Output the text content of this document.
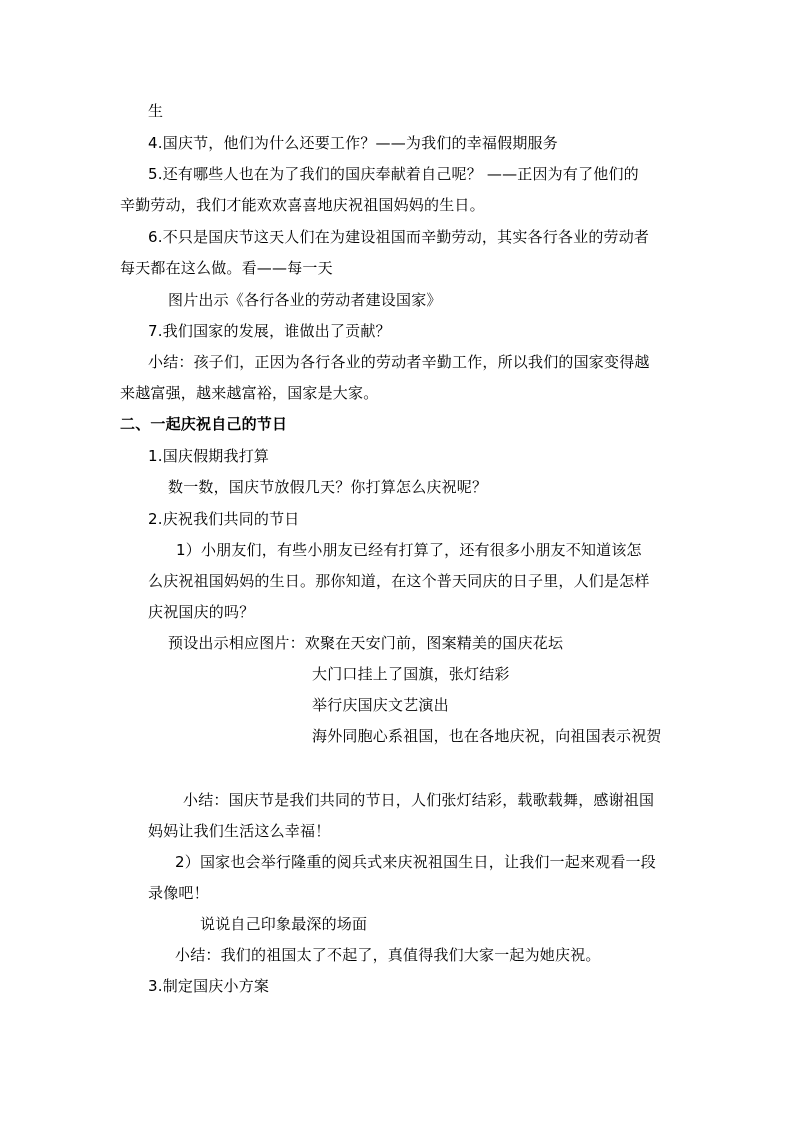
生
4.国庆节，他们为什么还要工作？——为我们的幸福假期服务
5.还有哪些人也在为了我们的国庆奉献着自己呢？ ——正因为有了他们的
辛勤劳动，我们才能欢欢喜喜地庆祝祖国妈妈的生日。
6.不只是国庆节这天人们在为建设祖国而辛勤劳动，其实各行各业的劳动者
每天都在这么做。看——每一天
图片出示《各行各业的劳动者建设国家》
7.我们国家的发展，谁做出了贡献？
小结：孩子们，正因为各行各业的劳动者辛勤工作，所以我们的国家变得越
来越富强，越来越富裕，国家是大家。
二、一起庆祝自己的节日
1.国庆假期我打算
数一数，国庆节放假几天？你打算怎么庆祝呢？
2.庆祝我们共同的节日
1）小朋友们，有些小朋友已经有打算了，还有很多小朋友不知道该怎
么庆祝祖国妈妈的生日。那你知道，在这个普天同庆的日子里，人们是怎样
庆祝国庆的吗？
预设出示相应图片：欢聚在天安门前，图案精美的国庆花坛
大门口挂上了国旗，张灯结彩
举行庆国庆文艺演出
海外同胞心系祖国，也在各地庆祝，向祖国表示祝贺
小结：国庆节是我们共同的节日，人们张灯结彩，载歌载舞，感谢祖国
妈妈让我们生活这么幸福！
2）国家也会举行隆重的阅兵式来庆祝祖国生日，让我们一起来观看一段
录像吧！
说说自己印象最深的场面
小结：我们的祖国太了不起了，真值得我们大家一起为她庆祝。
3.制定国庆小方案
